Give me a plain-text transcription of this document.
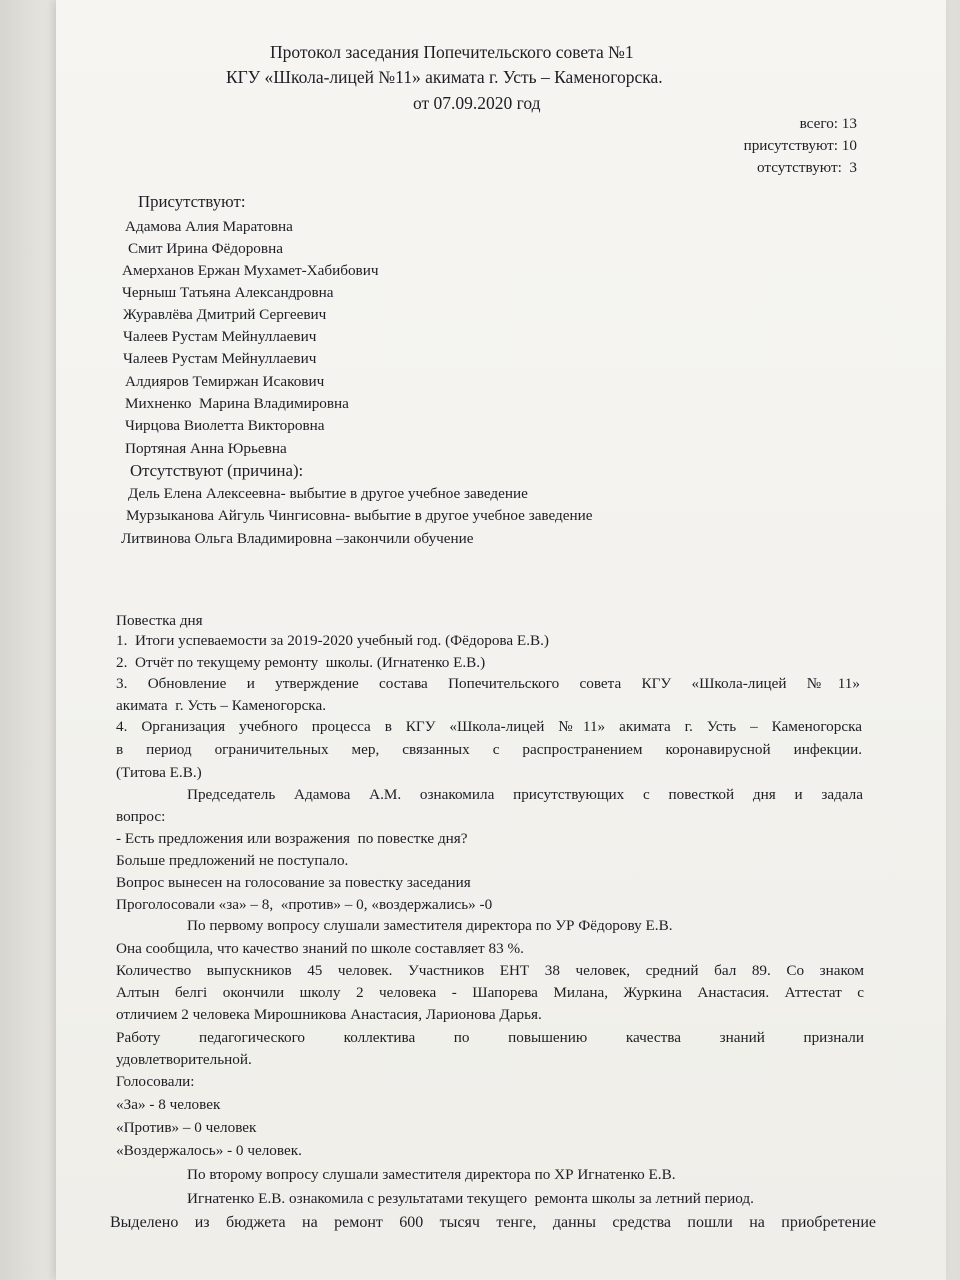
Протокол заседания Попечительского совета №1
КГУ «Школа-лицей №11» акимата г. Усть – Каменогорска.
от 07.09.2020 год
всего: 13
присутствуют: 10
отсутствуют:  3
Присутствуют:
Адамова Алия Маратовна
Смит Ирина Фёдоровна
Амерханов Ержан Мухамет-Хабибович
Черныш Татьяна Александровна
Журавлёва Дмитрий Сергеевич
Чалеев Рустам Мейнуллаевич
Чалеев Рустам Мейнуллаевич
Алдияров Темиржан Исакович
Михненко  Марина Владимировна
Чирцова Виолетта Викторовна
Портяная Анна Юрьевна
Отсутствуют (причина):
Дель Елена Алексеевна- выбытие в другое учебное заведение
Мурзыканова Айгуль Чингисовна- выбытие в другое учебное заведение
Литвинова Ольга Владимировна –закончили обучение
Повестка дня
1.  Итоги успеваемости за 2019-2020 учебный год. (Фёдорова Е.В.)
2.  Отчёт по текущему ремонту  школы. (Игнатенко Е.В.)
3. Обновление и утверждение состава Попечительского совета КГУ «Школа-лицей №11»
акимата  г. Усть – Каменогорска.
4. Организация учебного процесса в КГУ «Школа-лицей №11» акимата г. Усть – Каменогорска
в период ограничительных мер, связанных с распространением коронавирусной инфекции.
(Титова Е.В.)
Председатель Адамова А.М. ознакомила присутствующих с повесткой дня и задала
вопрос:
- Есть предложения или возражения  по повестке дня?
Больше предложений не поступало.
Вопрос вынесен на голосование за повестку заседания
Проголосовали «за» – 8,  «против» – 0, «воздержались» -0
По первому вопросу слушали заместителя директора по УР Фёдорову Е.В.
Она сообщила, что качество знаний по школе составляет 83 %.
Количество выпускников 45 человек. Участников ЕНТ 38 человек, средний бал 89. Со знаком
Алтын белгі окончили школу 2 человека - Шапорева Милана, Журкина Анастасия. Аттестат с
отличием 2 человека Мирошникова Анастасия, Ларионова Дарья.
Работу педагогического коллектива по повышению качества знаний признали
удовлетворительной.
Голосовали:
«За» - 8 человек
«Против» – 0 человек
«Воздержалось» - 0 человек.
По второму вопросу слушали заместителя директора по ХР Игнатенко Е.В.
Игнатенко Е.В. ознакомила с результатами текущего  ремонта школы за летний период.
Выделено из бюджета на ремонт 600 тысяч тенге, данны средства пошли на приобретение
